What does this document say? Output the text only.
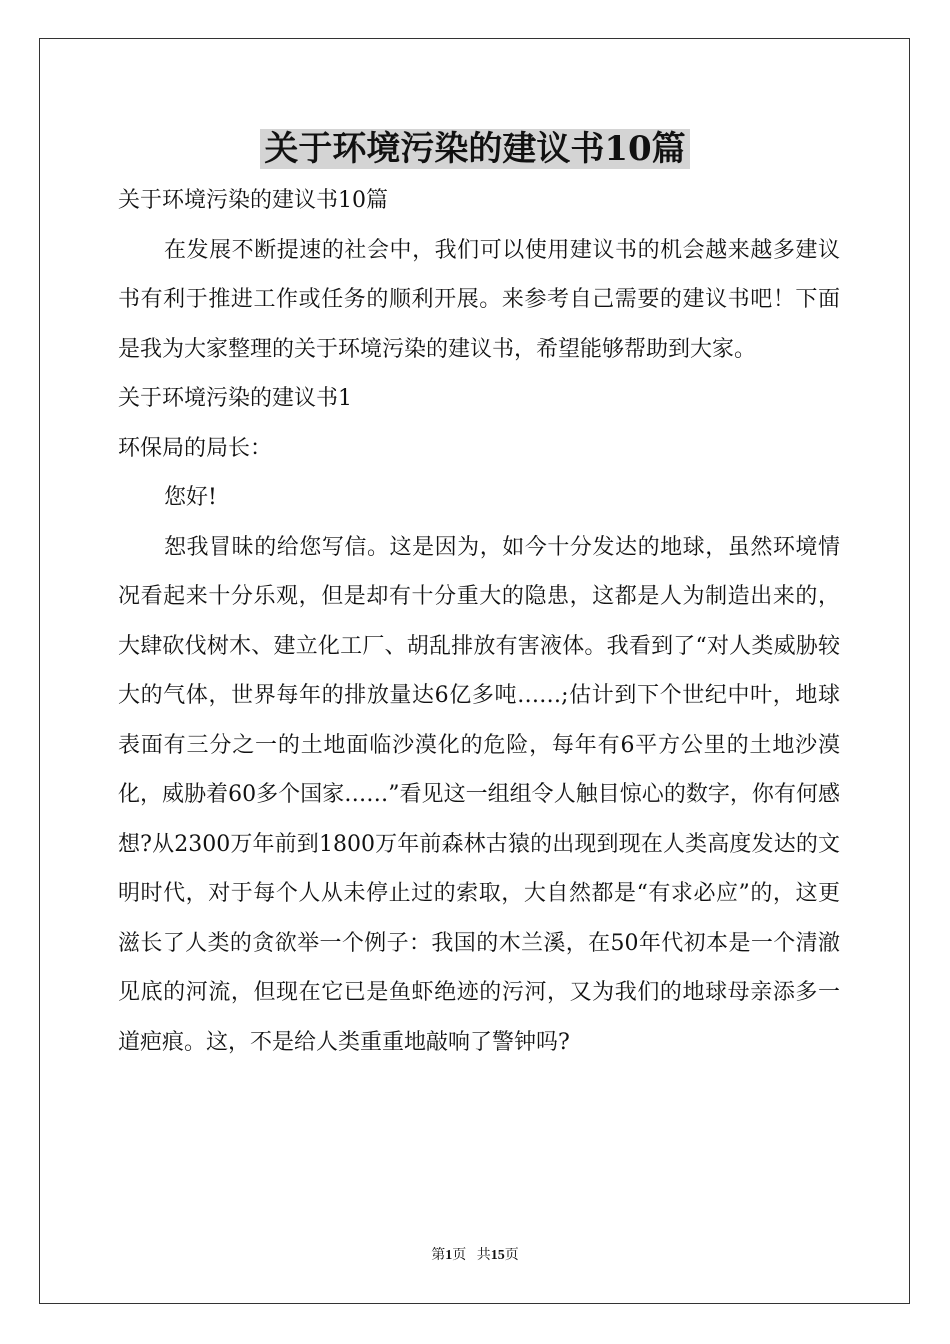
关于环境污染的建议书10篇

关于环境污染的建议书10篇

在发展不断提速的社会中，我们可以使用建议书的机会越来越多建议书有利于推进工作或任务的顺利开展。来参考自己需要的建议书吧！下面是我为大家整理的关于环境污染的建议书，希望能够帮助到大家。

关于环境污染的建议书1

环保局的局长：

您好!

恕我冒昧的给您写信。这是因为，如今十分发达的地球，虽然环境情况看起来十分乐观，但是却有十分重大的隐患，这都是人为制造出来的，大肆砍伐树木、建立化工厂、胡乱排放有害液体。我看到了“对人类威胁较大的气体，世界每年的排放量达6亿多吨……;估计到下个世纪中叶，地球表面有三分之一的土地面临沙漠化的危险，每年有6平方公里的土地沙漠化，威胁着60多个国家……”看见这一组组令人触目惊心的数字，你有何感想?从2300万年前到1800万年前森林古猿的出现到现在人类高度发达的文明时代，对于每个人从未停止过的索取，大自然都是“有求必应”的，这更滋长了人类的贪欲举一个例子：我国的木兰溪，在50年代初本是一个清澈见底的河流，但现在它已是鱼虾绝迹的污河，又为我们的地球母亲添多一道疤痕。这，不是给人类重重地敲响了警钟吗?

第1页 共15页
